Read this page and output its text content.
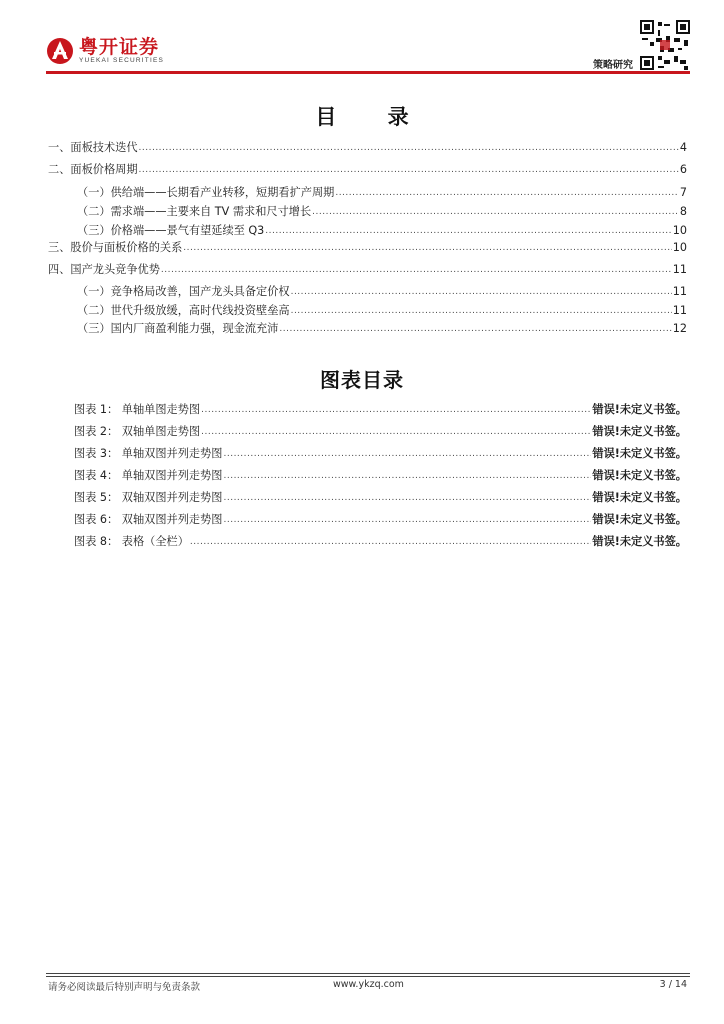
粤开证券
YUEKAI SECURITIES	策略研究
目 录
一、面板技术迭代 .....	4
二、面板价格周期 .....	6
（一）供给端——长期看产业转移，短期看扩产周期 .....	7
（二）需求端——主要来自 TV 需求和尺寸增长 .....	8
（三）价格端——景气有望延续至 Q3 .....	10
三、股价与面板价格的关系 .....	10
四、国产龙头竞争优势 .....	11
（一）竞争格局改善，国产龙头具备定价权 .....	11
（二）世代升级放缓，高时代线投资壁垒高 .....	11
（三）国内厂商盈利能力强，现金流充沛 .....	12
图表目录
图表 1： 单轴单图走势图 .....	错误!未定义书签。
图表 2： 双轴单图走势图 .....	错误!未定义书签。
图表 3： 单轴双图并列走势图 .....	错误!未定义书签。
图表 4： 单轴双图并列走势图 .....	错误!未定义书签。
图表 5： 双轴双图并列走势图 .....	错误!未定义书签。
图表 6： 双轴双图并列走势图 .....	错误!未定义书签。
图表 8： 表格（全栏） .....	错误!未定义书签。
请务必阅读最后特别声明与免责条款	www.ykzq.com	3 / 14
